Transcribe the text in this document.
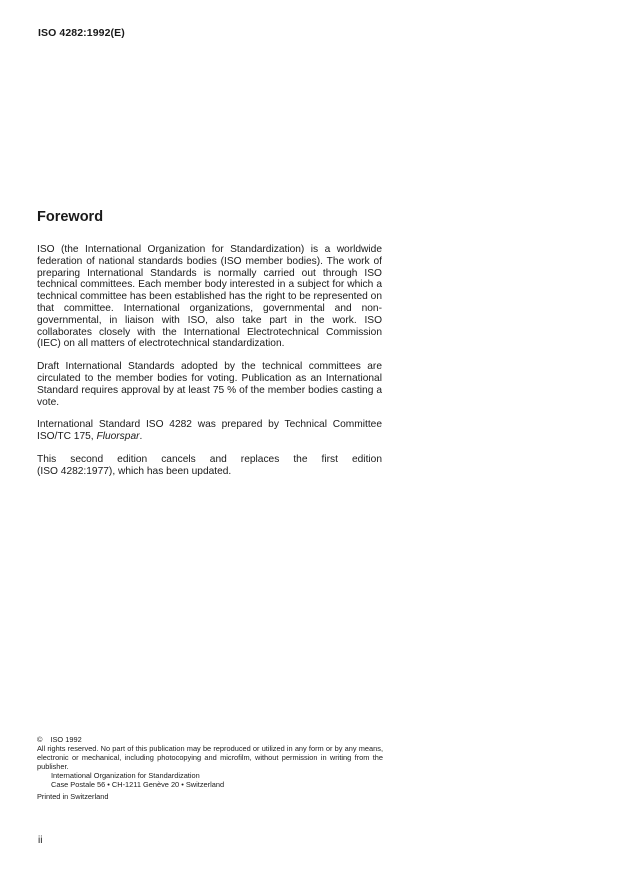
ISO 4282:1992(E)

Foreword

ISO (the International Organization for Standardization) is a worldwide federation of national standards bodies (ISO member bodies). The work of preparing International Standards is normally carried out through ISO technical committees. Each member body interested in a subject for which a technical committee has been established has the right to be represented on that committee. International organizations, governmental and non-governmental, in liaison with ISO, also take part in the work. ISO collaborates closely with the International Electrotechnical Commission (IEC) on all matters of electrotechnical standardization.

Draft International Standards adopted by the technical committees are circulated to the member bodies for voting. Publication as an International Standard requires approval by at least 75 % of the member bodies casting a vote.

International Standard ISO 4282 was prepared by Technical Committee ISO/TC 175, Fluorspar.

This second edition cancels and replaces the first edition
(ISO 4282:1977), which has been updated.

© ISO 1992

All rights reserved. No part of this publication may be reproduced or utilized in any form or by any means, electronic or mechanical, including photocopying and microfilm, without permission in writing from the publisher.

International Organization for Standardization

Case Postale 56 • CH-1211 Genève 20 • Switzerland

Printed in Switzerland

ii
